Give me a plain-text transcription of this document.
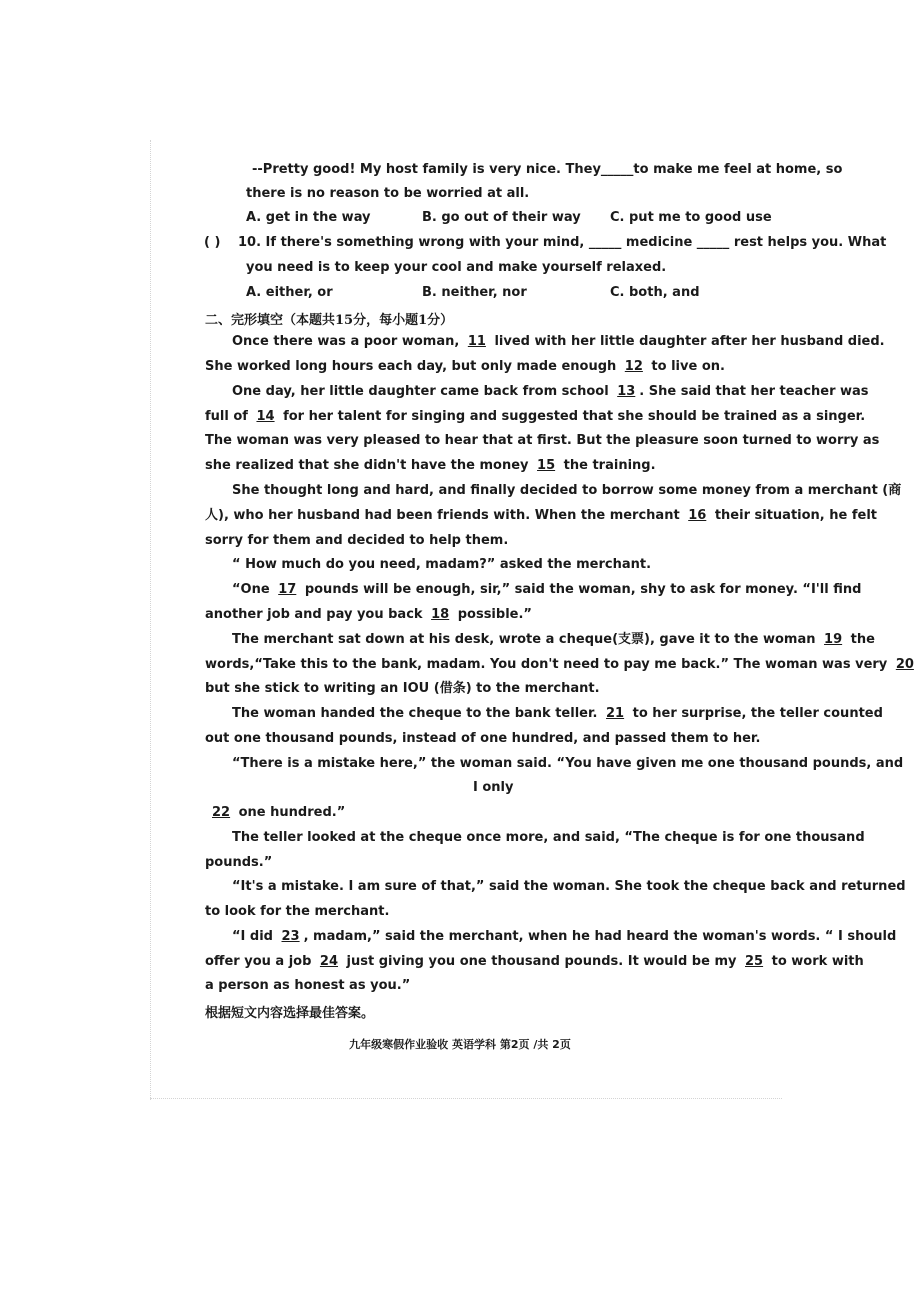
--Pretty good! My host family is very nice. They_____to make me feel at home, so
there is no reason to be worried at all.
A. get in the way	B. go out of their way C. put me to good use
( ) 10. If there's something wrong with your mind, _____ medicine _____ rest helps you. What
you need is to keep your cool and make yourself relaxed.
A. either, or	B. neither, nor	C. both, and
二、完形填空（本题共15分，每小题1分）
Once there was a poor woman, 11 lived with her little daughter after her husband died.
She worked long hours each day, but only made enough 12 to live on.
One day, her little daughter came back from school 13 . She said that her teacher was
full of 14 for her talent for singing and suggested that she should be trained as a singer.
The woman was very pleased to hear that at first. But the pleasure soon turned to worry as
she realized that she didn't have the money 15 the training.
She thought long and hard, and finally decided to borrow some money from a merchant (商
人), who her husband had been friends with. When the merchant 16 their situation, he felt
sorry for them and decided to help them.
“ How much do you need, madam?” asked the merchant.
“One 17 pounds will be enough, sir,” said the woman, shy to ask for money. “I'll find
another job and pay you back 18 possible.”
The merchant sat down at his desk, wrote a cheque(支票), gave it to the woman 19 the
words,“Take this to the bank, madam. You don't need to pay me back.” The woman was very 20
but she stick to writing an IOU (借条) to the merchant.
The woman handed the cheque to the bank teller. 21 to her surprise, the teller counted
out one thousand pounds, instead of one hundred, and passed them to her.
“There is a mistake here,” the woman said. “You have given me one thousand pounds, and
I only
22 one hundred.”
The teller looked at the cheque once more, and said, “The cheque is for one thousand
pounds.”
“It's a mistake. I am sure of that,” said the woman. She took the cheque back and returned
to look for the merchant.
“I did 23 , madam,” said the merchant, when he had heard the woman's words. “ I should
offer you a job 24 just giving you one thousand pounds. It would be my 25 to work with
a person as honest as you.”
根据短文内容选择最佳答案。
九年级寒假作业验收 英语学科 第2页 /共 2页
